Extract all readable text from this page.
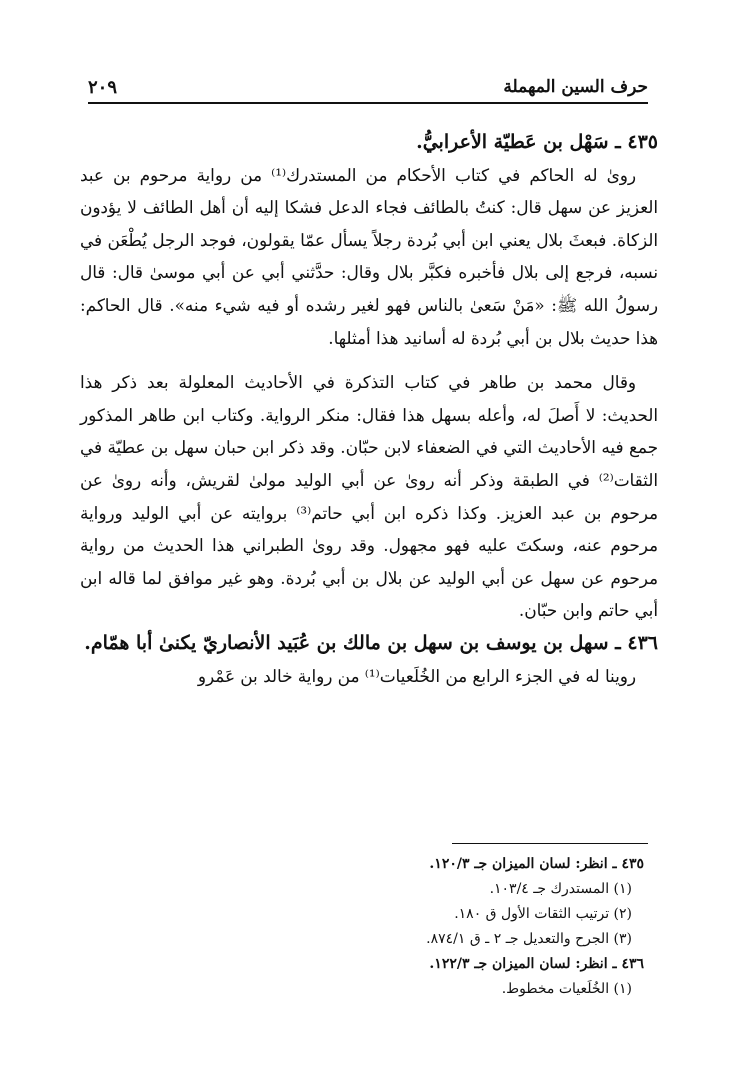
حرف السين المهملة
٢٠٩

٤٣٥ ـ سَهْل بن عَطيّة الأعرابيُّ.

رویٰ له الحاكم في كتاب الأحكام من المستدرك⁽¹⁾ من رواية مرحوم بن عبد العزيز عن سهل قال: كنتُ بالطائف فجاء الدعل فشكا إليه أن أهل الطائف لا يؤدون الزكاة. فبعثَ بلال يعني ابن أبي بُردة رجلاً يسأل عمّا يقولون، فوجد الرجل يُطْعَن في نسبه، فرجع إلى بلال فأخبره فكبَّر بلال وقال: حدَّثني أبي عن أبي موسىٰ قال: قال رسولُ الله ﷺ: «مَنْ سَعىٰ بالناس فهو لغير رشده أو فيه شيء منه». قال الحاكم: هذا حديث بلال بن أبي بُردة له أسانيد هذا أمثلها.

وقال محمد بن طاهر في كتاب التذكرة في الأحاديث المعلولة بعد ذكر هذا الحديث: لا أَصلَ له، وأعله بسهل هذا فقال: منكر الرواية. وكتاب ابن طاهر المذكور جمع فيه الأحاديث التي في الضعفاء لابن حبّان. وقد ذكر ابن حبان سهل بن عطيّة في الثقات⁽²⁾ في الطبقة وذكر أنه روىٰ عن أبي الوليد مولىٰ لقريش، وأنه روىٰ عن مرحوم بن عبد العزيز. وكذا ذكره ابن أبي حاتم⁽³⁾ بروايته عن أبي الوليد ورواية مرحوم عنه، وسكتَ عليه فهو مجهول. وقد روىٰ الطبراني هذا الحديث من رواية مرحوم عن سهل عن أبي الوليد عن بلال بن أبي بُردة. وهو غير موافق لما قاله ابن أبي حاتم وابن حبّان.

٤٣٦ ـ سهل بن يوسف بن سهل بن مالك بن عُبَيد الأنصاريّ يكنىٰ أبا همّام.

روينا له في الجزء الرابع من الخُلَعيات⁽¹⁾ من رواية خالد بن عَمْرو

٤٣٥ ـ انظر: لسان الميزان جـ ١٢٠/٣.
(١) المستدرك جـ ١٠٣/٤.
(٢) ترتيب الثقات الأول ق ١٨٠.
(٣) الجرح والتعديل جـ ٢ ـ ق ٨٧٤/١.
٤٣٦ ـ انظر: لسان الميزان جـ ١٢٢/٣.
(١) الخُلَعيات مخطوط.
